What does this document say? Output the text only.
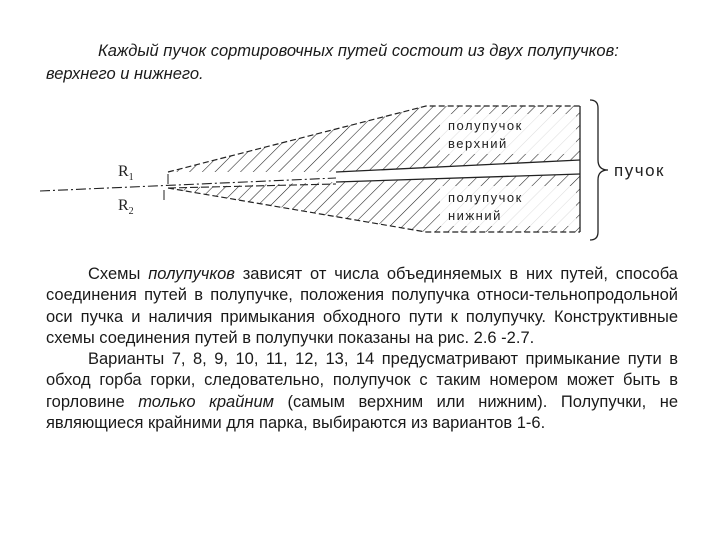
Каждый пучок сортировочных путей состоит из двух полупучков:
верхнего и нижнего.
$R_1$
$R_2$
полупучок
верхний
полупучок
нижний
пучок

Схемы полупучков зависят от числа объединяемых в них путей, способа соединения путей в полупучке, положения полупучка относи-тельнопродольной оси пучка и наличия примыкания обходного пути к полупучку. Конструктивные схемы соединения путей в полупучки показаны на рис. 2.6 -2.7.

Варианты 7, 8, 9, 10, 11, 12, 13, 14 предусматривают примыкание пути в обход горба горки, следовательно, полупучок с таким номером может быть в горловине только крайним (самым верхним или нижним). Полупучки, не являющиеся крайними для парка, выбираются из вариантов 1-6.
